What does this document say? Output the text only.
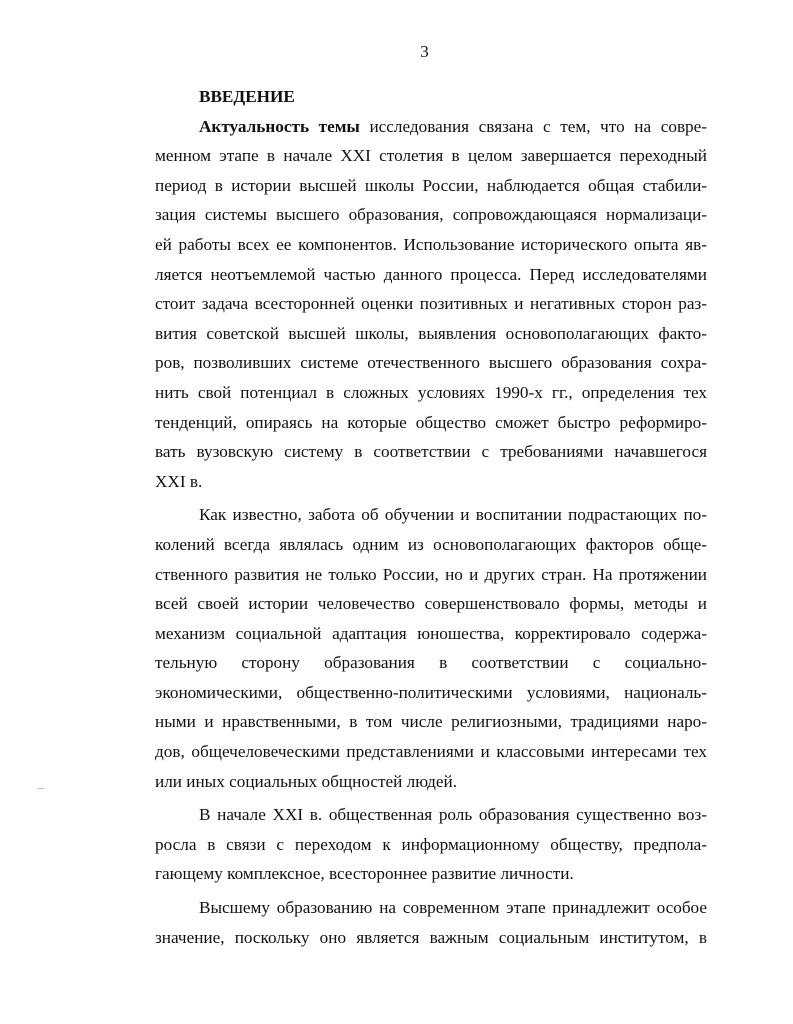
3
ВВЕДЕНИЕ
Актуальность темы исследования связана с тем, что на совре-
менном этапе в начале XXI столетия в целом завершается переходный
период в истории высшей школы России, наблюдается общая стабили-
зация системы высшего образования, сопровождающаяся нормализаци-
ей работы всех ее компонентов. Использование исторического опыта яв-
ляется неотъемлемой частью данного процесса. Перед исследователями
стоит задача всесторонней оценки позитивных и негативных сторон раз-
вития советской высшей школы, выявления основополагающих факто-
ров, позволивших системе отечественного высшего образования сохра-
нить свой потенциал в сложных условиях 1990-х гг., определения тех
тенденций, опираясь на которые общество сможет быстро реформиро-
вать вузовскую систему в соответствии с требованиями начавшегося
XXI в.
Как известно, забота об обучении и воспитании подрастающих по-
колений всегда являлась одним из основополагающих факторов обще-
ственного развития не только России, но и других стран. На протяжении
всей своей истории человечество совершенствовало формы, методы и
механизм социальной адаптация юношества, корректировало содержа-
тельную сторону образования в соответствии с социально-
экономическими, общественно-политическими условиями, националь-
ными и нравственными, в том числе религиозными, традициями наро-
дов, общечеловеческими представлениями и классовыми интересами тех
или иных социальных общностей людей.
В начале XXI в. общественная роль образования существенно воз-
росла в связи с переходом к информационному обществу, предпола-
гающему комплексное, всестороннее развитие личности.
Высшему образованию на современном этапе принадлежит особое
значение, поскольку оно является важным социальным институтом, в
